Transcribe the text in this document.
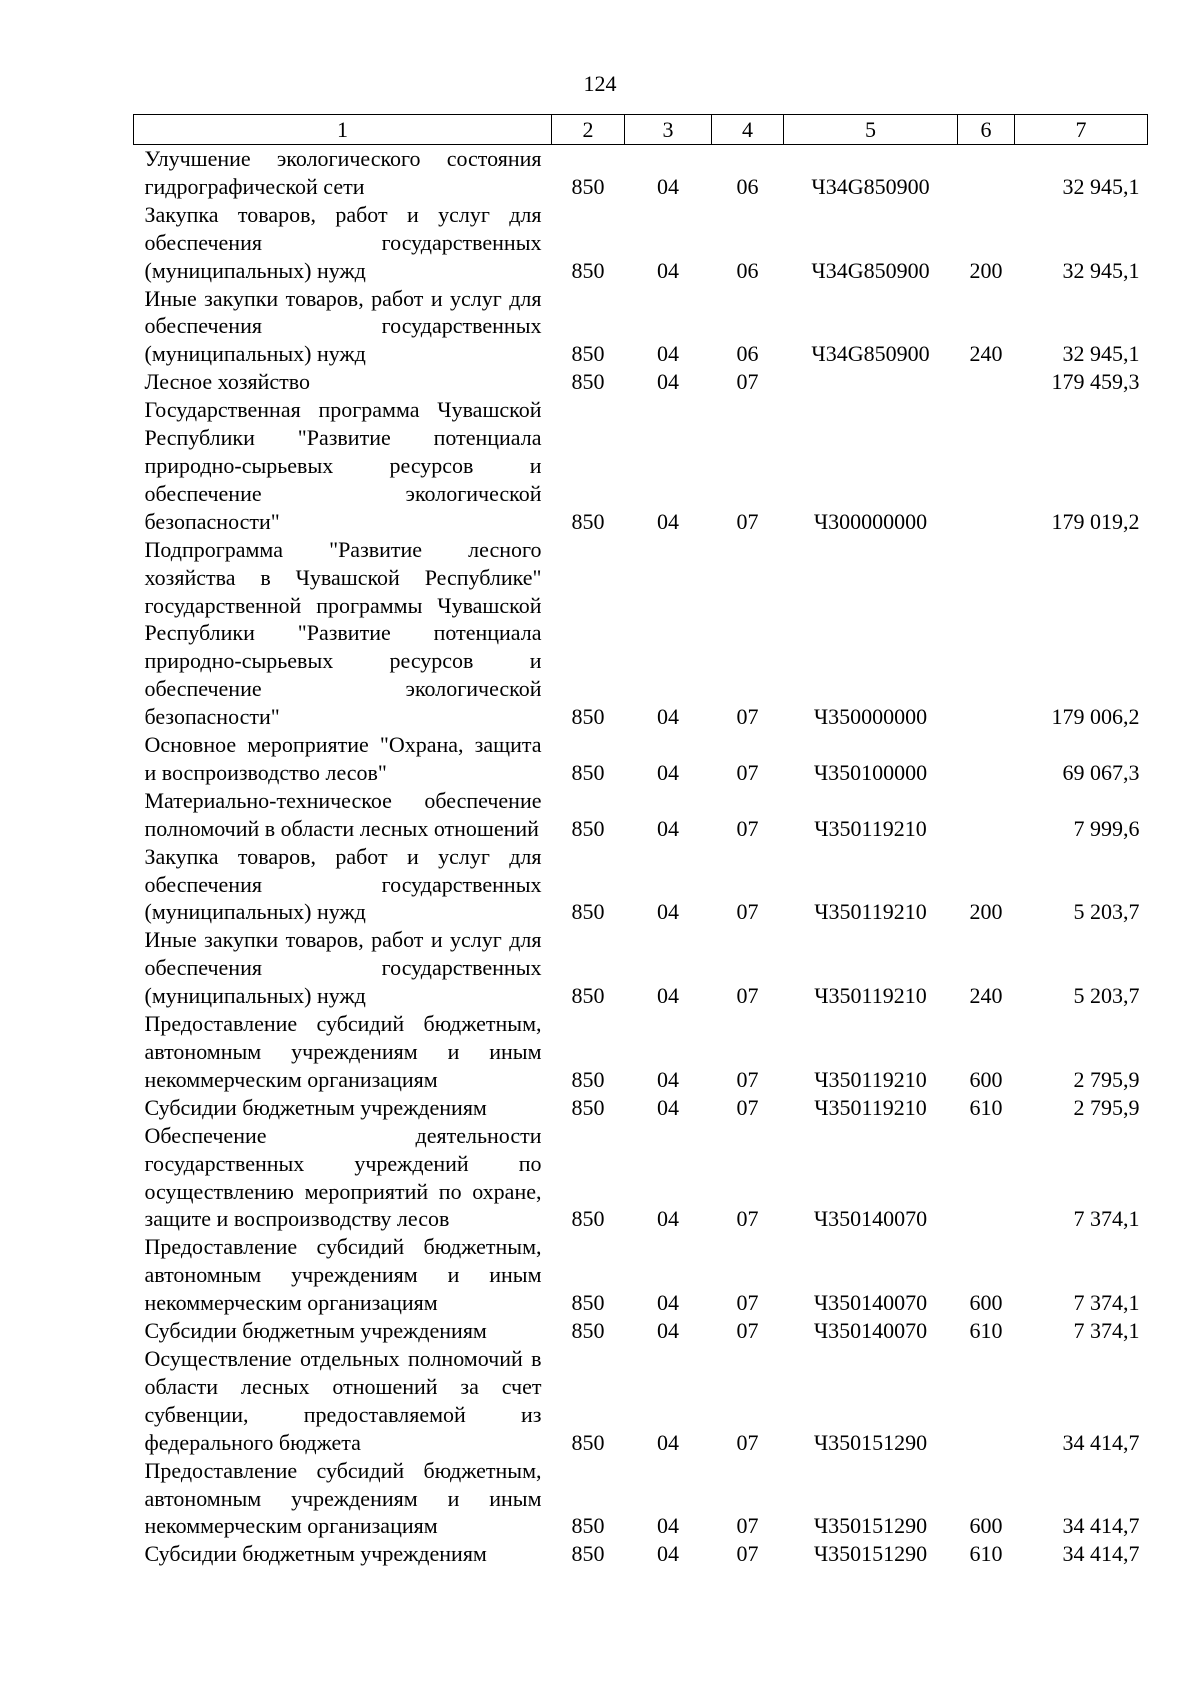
124
1	2	3	4	5	6	7
Улучшение экологического состояния гидрографической сети	850	04	06	Ч34G850900		32 945,1
Закупка товаров, работ и услуг для обеспечения государственных (муниципальных) нужд	850	04	06	Ч34G850900	200	32 945,1
Иные закупки товаров, работ и услуг для обеспечения государственных (муниципальных) нужд	850	04	06	Ч34G850900	240	32 945,1
Лесное хозяйство	850	04	07			179 459,3
Государственная программа Чувашской Республики "Развитие потенциала природно-сырьевых ресурсов и обеспечение экологической безопасности"	850	04	07	Ч300000000		179 019,2
Подпрограмма "Развитие лесного хозяйства в Чувашской Республике" государственной программы Чувашской Республики "Развитие потенциала природно-сырьевых ресурсов и обеспечение экологической безопасности"	850	04	07	Ч350000000		179 006,2
Основное мероприятие "Охрана, защита и воспроизводство лесов"	850	04	07	Ч350100000		69 067,3
Материально-техническое обеспечение полномочий в области лесных отношений	850	04	07	Ч350119210		7 999,6
Закупка товаров, работ и услуг для обеспечения государственных (муниципальных) нужд	850	04	07	Ч350119210	200	5 203,7
Иные закупки товаров, работ и услуг для обеспечения государственных (муниципальных) нужд	850	04	07	Ч350119210	240	5 203,7
Предоставление субсидий бюджетным, автономным учреждениям и иным некоммерческим организациям	850	04	07	Ч350119210	600	2 795,9
Субсидии бюджетным учреждениям	850	04	07	Ч350119210	610	2 795,9
Обеспечение деятельности государственных учреждений по осуществлению мероприятий по охране, защите и воспроизводству лесов	850	04	07	Ч350140070		7 374,1
Предоставление субсидий бюджетным, автономным учреждениям и иным некоммерческим организациям	850	04	07	Ч350140070	600	7 374,1
Субсидии бюджетным учреждениям	850	04	07	Ч350140070	610	7 374,1
Осуществление отдельных полномочий в области лесных отношений за счет субвенции, предоставляемой из федерального бюджета	850	04	07	Ч350151290		34 414,7
Предоставление субсидий бюджетным, автономным учреждениям и иным некоммерческим организациям	850	04	07	Ч350151290	600	34 414,7
Субсидии бюджетным учреждениям	850	04	07	Ч350151290	610	34 414,7
